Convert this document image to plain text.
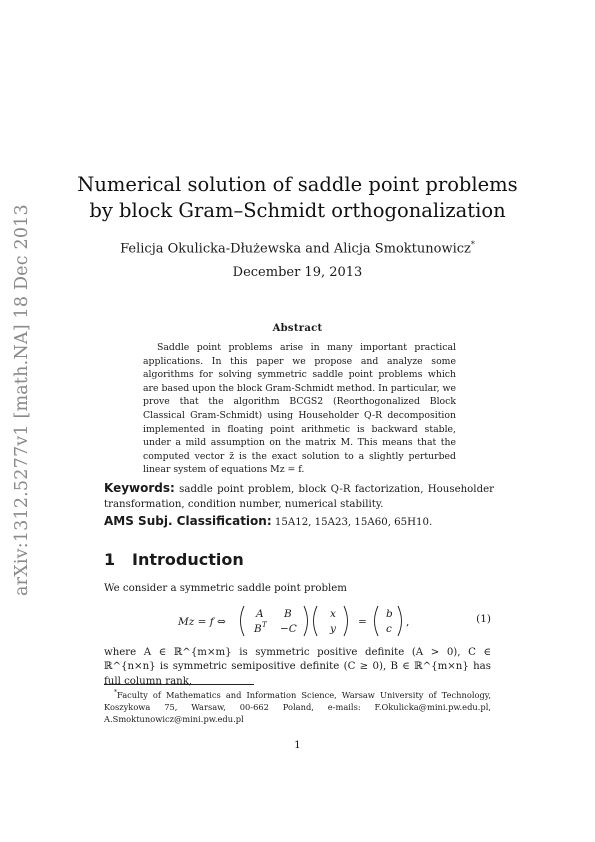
arXiv:1312.5277v1 [math.NA] 18 Dec 2013
Numerical solution of saddle point problems
by block Gram–Schmidt orthogonalization
Felicja Okulicka-Dłużewska and Alicja Smoktunowicz*
December 19, 2013
Abstract
Saddle point problems arise in many important practical applications. In this paper we propose and analyze some algorithms for solving symmetric saddle point problems which are based upon the block Gram-Schmidt method. In particular, we prove that the algorithm BCGS2 (Reorthogonalized Block Classical Gram-Schmidt) using Householder Q-R decomposition implemented in floating point arithmetic is backward stable, under a mild assumption on the matrix M. This means that the computed vector z̃ is the exact solution to a slightly perturbed linear system of equations Mz = f.
Keywords: saddle point problem, block Q-R factorization, Householder transformation, condition number, numerical stability.
AMS Subj. Classification: 15A12, 15A23, 15A60, 65H10.
1 Introduction
We consider a symmetric saddle point problem
Mz = f ⇔
A B
B T −C
x
y
=
b
c
,	(1)
where A ∈ ℝ^{m×m} is symmetric positive definite (A > 0), C ∈ ℝ^{n×n} is symmetric semipositive definite (C ≥ 0), B ∈ ℝ^{m×n} has full column rank,
*Faculty of Mathematics and Information Science, Warsaw University of Technology, Koszykowa 75, Warsaw, 00-662 Poland, e-mails: F.Okulicka@mini.pw.edu.pl, A.Smoktunowicz@mini.pw.edu.pl
1
